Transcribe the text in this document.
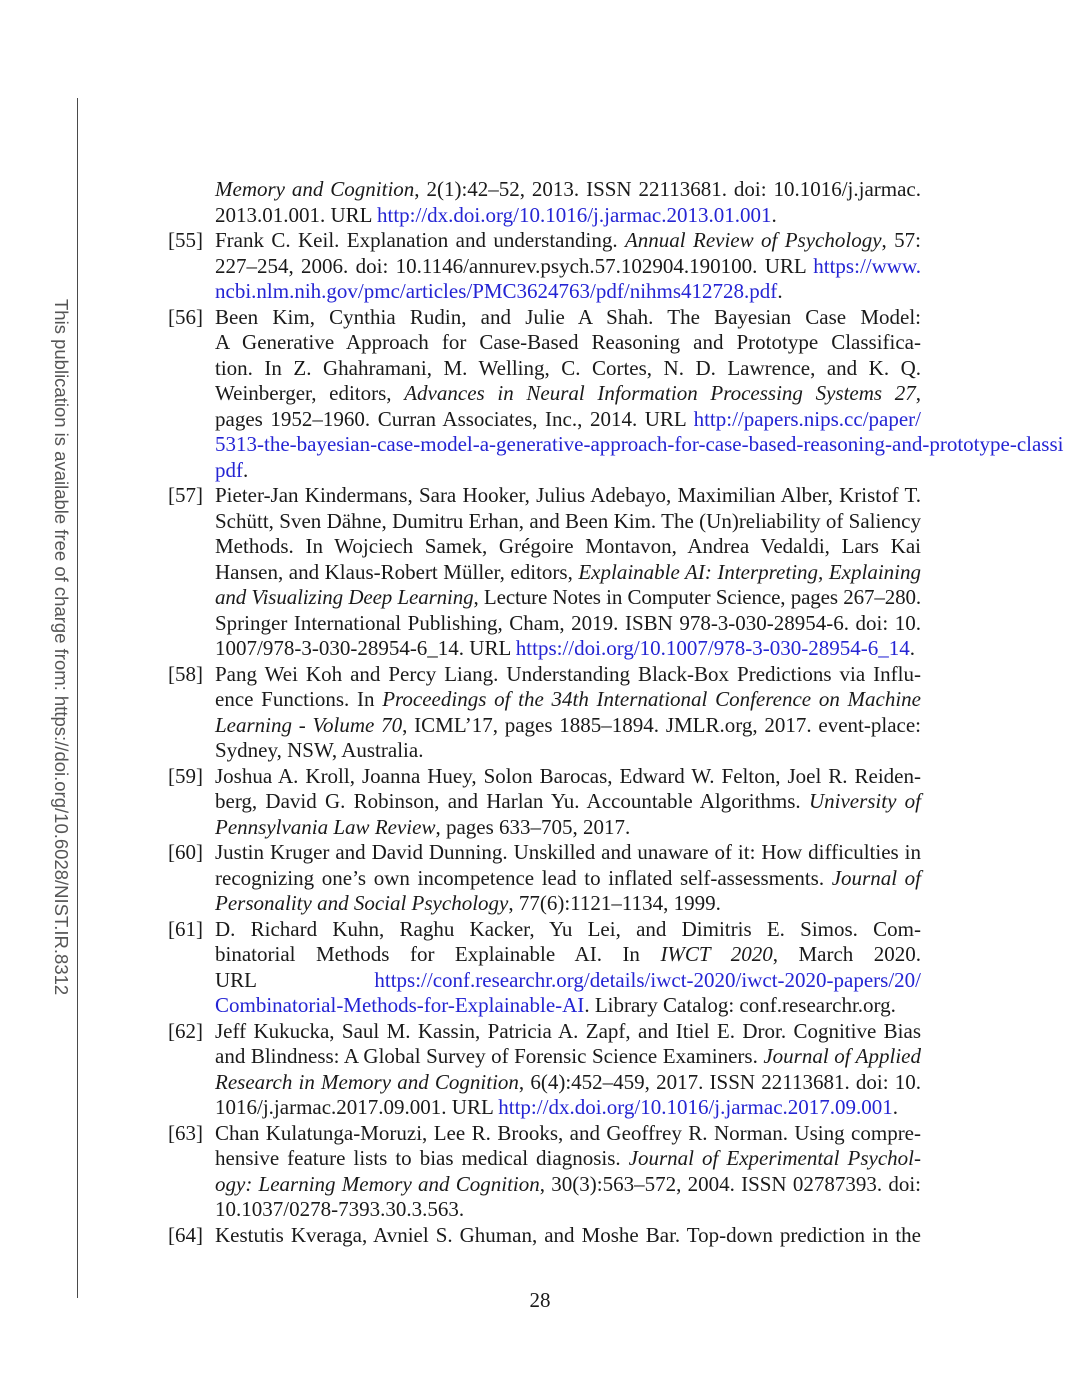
This publication is available free of charge from: https://doi.org/10.6028/NIST.IR.8312
Memory and Cognition, 2(1):42–52, 2013. ISSN 22113681. doi: 10.1016/j.jarmac.
2013.01.001. URL http://dx.doi.org/10.1016/j.jarmac.2013.01.001.
[55] Frank C. Keil. Explanation and understanding. Annual Review of Psychology, 57:
227–254, 2006. doi: 10.1146/annurev.psych.57.102904.190100. URL https://www.
ncbi.nlm.nih.gov/pmc/articles/PMC3624763/pdf/nihms412728.pdf.
[56] Been Kim, Cynthia Rudin, and Julie A Shah. The Bayesian Case Model:
A Generative Approach for Case-Based Reasoning and Prototype Classifica-
tion. In Z. Ghahramani, M. Welling, C. Cortes, N. D. Lawrence, and K. Q.
Weinberger, editors, Advances in Neural Information Processing Systems 27,
pages 1952–1960. Curran Associates, Inc., 2014. URL http://papers.nips.cc/paper/
5313-the-bayesian-case-model-a-generative-approach-for-case-based-reasoning-and-prototype-classi
pdf.
[57] Pieter-Jan Kindermans, Sara Hooker, Julius Adebayo, Maximilian Alber, Kristof T.
Schütt, Sven Dähne, Dumitru Erhan, and Been Kim. The (Un)reliability of Saliency
Methods. In Wojciech Samek, Grégoire Montavon, Andrea Vedaldi, Lars Kai
Hansen, and Klaus-Robert Müller, editors, Explainable AI: Interpreting, Explaining
and Visualizing Deep Learning, Lecture Notes in Computer Science, pages 267–280.
Springer International Publishing, Cham, 2019. ISBN 978-3-030-28954-6. doi: 10.
1007/978-3-030-28954-6_14. URL https://doi.org/10.1007/978-3-030-28954-6_14.
[58] Pang Wei Koh and Percy Liang. Understanding Black-Box Predictions via Influ-
ence Functions. In Proceedings of the 34th International Conference on Machine
Learning - Volume 70, ICML’17, pages 1885–1894. JMLR.org, 2017. event-place:
Sydney, NSW, Australia.
[59] Joshua A. Kroll, Joanna Huey, Solon Barocas, Edward W. Felton, Joel R. Reiden-
berg, David G. Robinson, and Harlan Yu. Accountable Algorithms. University of
Pennsylvania Law Review, pages 633–705, 2017.
[60] Justin Kruger and David Dunning. Unskilled and unaware of it: How difficulties in
recognizing one’s own incompetence lead to inflated self-assessments. Journal of
Personality and Social Psychology, 77(6):1121–1134, 1999.
[61] D. Richard Kuhn, Raghu Kacker, Yu Lei, and Dimitris E. Simos. Com-
binatorial Methods for Explainable AI. In IWCT 2020, March 2020.
URL https://conf.researchr.org/details/iwct-2020/iwct-2020-papers/20/
Combinatorial-Methods-for-Explainable-AI. Library Catalog: conf.researchr.org.
[62] Jeff Kukucka, Saul M. Kassin, Patricia A. Zapf, and Itiel E. Dror. Cognitive Bias
and Blindness: A Global Survey of Forensic Science Examiners. Journal of Applied
Research in Memory and Cognition, 6(4):452–459, 2017. ISSN 22113681. doi: 10.
1016/j.jarmac.2017.09.001. URL http://dx.doi.org/10.1016/j.jarmac.2017.09.001.
[63] Chan Kulatunga-Moruzi, Lee R. Brooks, and Geoffrey R. Norman. Using compre-
hensive feature lists to bias medical diagnosis. Journal of Experimental Psychol-
ogy: Learning Memory and Cognition, 30(3):563–572, 2004. ISSN 02787393. doi:
10.1037/0278-7393.30.3.563.
[64] Kestutis Kveraga, Avniel S. Ghuman, and Moshe Bar. Top-down prediction in the
28
